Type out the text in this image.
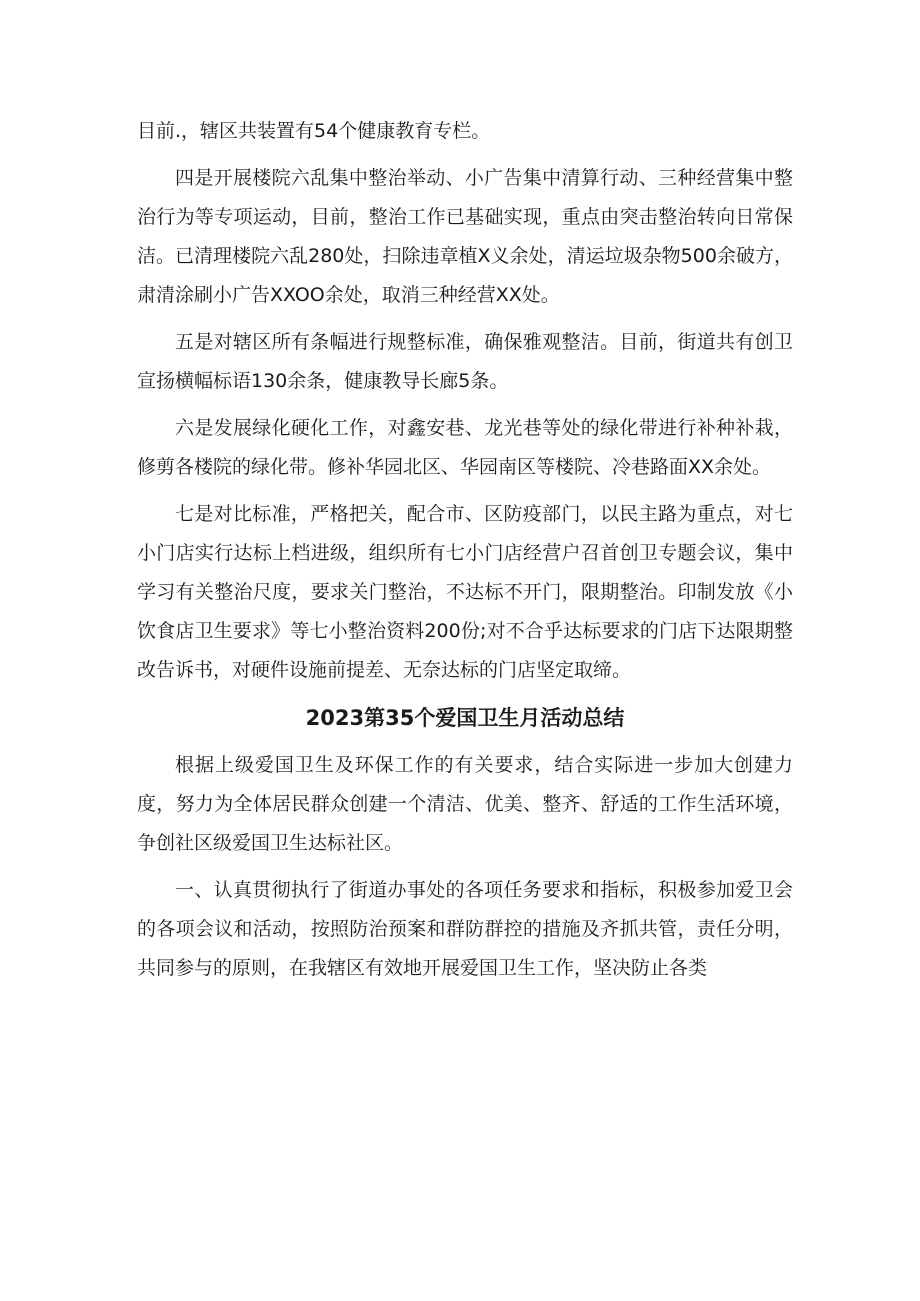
目前.，辖区共装置有54个健康教育专栏。

四是开展楼院六乱集中整治举动、小广告集中清算行动、三种经营集中整治行为等专项运动，目前，整治工作已基础实现，重点由突击整治转向日常保洁。已清理楼院六乱280处，扫除违章植X义余处，清运垃圾杂物500余破方，肃清涂刷小广告XXOO余处，取消三种经营XX处。

五是对辖区所有条幅进行规整标准，确保雅观整洁。目前，街道共有创卫宣扬横幅标语130余条，健康教导长廊5条。

六是发展绿化硬化工作，对鑫安巷、龙光巷等处的绿化带进行补种补栽，修剪各楼院的绿化带。修补华园北区、华园南区等楼院、冷巷路面XX余处。

七是对比标准，严格把关，配合市、区防疫部门，以民主路为重点，对七小门店实行达标上档进级，组织所有七小门店经营户召首创卫专题会议，集中学习有关整治尺度，要求关门整治，不达标不开门，限期整治。印制发放《小饮食店卫生要求》等七小整治资料200份;对不合乎达标要求的门店下达限期整改告诉书，对硬件设施前提差、无奈达标的门店坚定取缔。

2023第35个爱国卫生月活动总结

根据上级爱国卫生及环保工作的有关要求，结合实际进一步加大创建力度，努力为全体居民群众创建一个清洁、优美、整齐、舒适的工作生活环境，争创社区级爱国卫生达标社区。

一、认真贯彻执行了街道办事处的各项任务要求和指标，积极参加爱卫会的各项会议和活动，按照防治预案和群防群控的措施及齐抓共管，责任分明，共同参与的原则，在我辖区有效地开展爱国卫生工作，坚决防止各类
